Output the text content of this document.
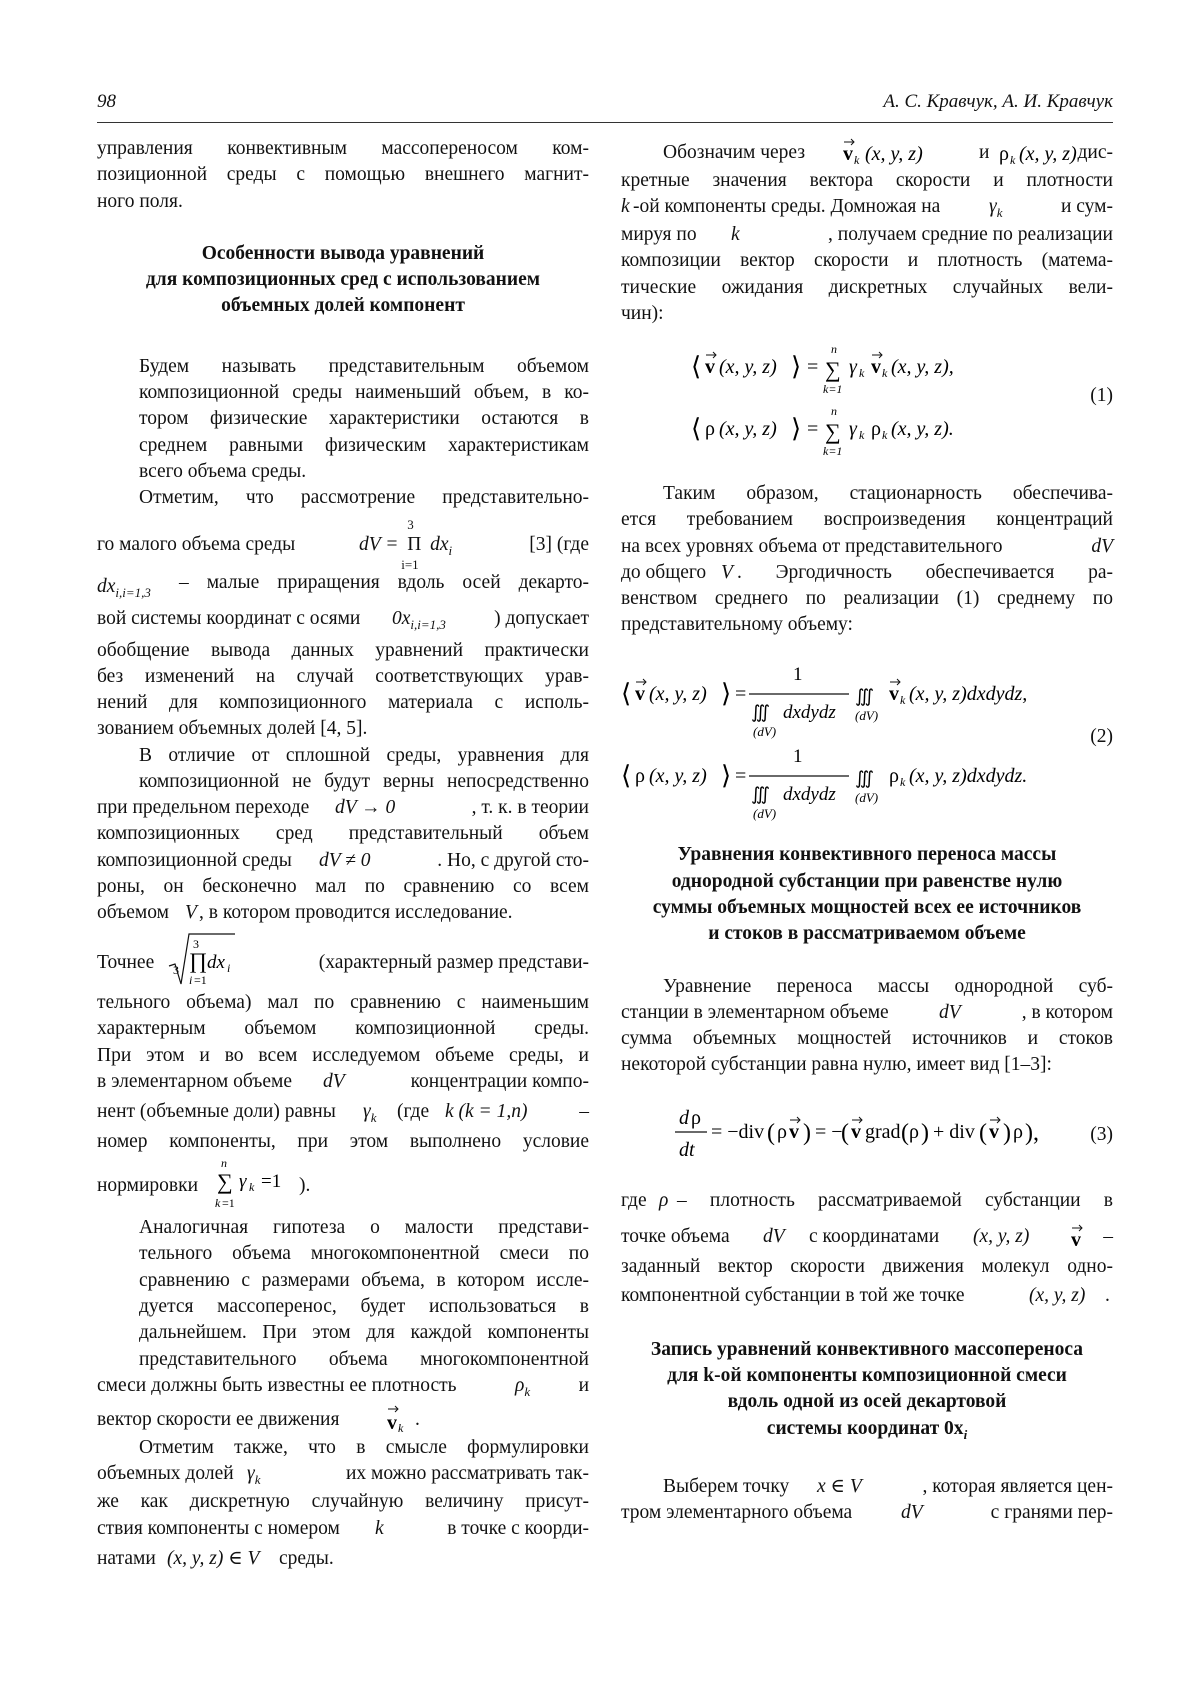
98	А. С. Кравчук, А. И. Кравчук

управления конвективным массопереносом ком-
позиционной среды с помощью внешнего магнит-
ного поля.

Особенности вывода уравнений
для композиционных сред с использованием
объемных долей компонент

Будем называть представительным объемом
композиционной среды наименьший объем, в ко-
тором физические характеристики остаются в
среднем равными физическим характеристикам
всего объема среды.

Отметим, что рассмотрение представительно-

го малого объема среды	dV =
3
Π
i=1
$dx_i$	[3] (где
$dx_{i,i=1,3}$ – малые приращения вдоль осей декарто-
вой системы координат с осями $0x_{i,i=1,3}$ ) допускает

обобщение вывода данных уравнений практически
без изменений на случай соответствующих урав-
нений для композиционного материала с исполь-
зованием объемных долей [4, 5].

В отличие от сплошной среды, уравнения для
композиционной не будут верны непосредственно

при предельном переходе dV → 0	, т. к. в теории

композиционных сред представительный объем

композиционной среды dV ≠ 0	. Но, с другой сто-

роны, он бесконечно мал по сравнению со всем

объемом V , в котором проводится исследование.
Точнее 3
3
∏ dx i
i =1
(характерный размер представи-

тельного объема) мал по сравнению с наименьшим
характерным объемом композиционной среды.
При этом и во всем исследуемом объеме среды, и

в элементарном объеме dV	концентрации компо-
нент (объемные доли) равны $\gamma_k$ (где k (k = 1,n)	–

номер компоненты, при этом выполнено условие

нормировки
n
∑ γ k =1
k =1
).

Аналогичная гипотеза о малости представи-
тельного объема многокомпонентной смеси по
сравнению с размерами объема, в котором иссле-
дуется массоперенос, будет использоваться в
дальнейшем. При этом для каждой компоненты
представительного объема многокомпонентной

смеси должны быть известны ее плотность	$\rho_k$ и
вектор скорости ее движения v k .

Отметим также, что в смысле формулировки

объемных долей $\gamma_k$	их можно рассматривать так-

же как дискретную случайную величину присут-

ствия компоненты с номером k	в точке с коорди-
натами (x, y, z) ∈ V среды.
Обозначим через v k (x, y, z)	и ρ k (x, y, z) дис-

кретные значения вектора скорости и плотности

k -ой компоненты среды. Домножая на $\gamma_k$	и сум-
мируя по k	, получаем средние по реализации

композиции вектор скорости и плотность (матема-
тические ожидания дискретных случайных вели-
чин):

⟨ v (x, y, z) ⟩ =
n
∑
k=1
γ k v k (x, y, z),
⟨ ρ (x, y, z) ⟩ =
n
∑
k=1
γ k ρ k (x, y, z).
(1)

Таким образом, стационарность обеспечива-

ется требованием воспроизведения концентраций

на всех уровнях объема от представительного	dV
до общего V . Эргодичность обеспечивается ра-

венством среднего по реализации (1) среднему по
представительному объему:

⟨ v (x, y, z) ⟩ =
1
∭ dxdydz
(dV)
∭
(dV)
v k (x, y, z)dxdydz,
⟨ ρ (x, y, z) ⟩ =
1
∭ dxdydz
(dV)
∭
(dV)
ρ k (x, y, z)dxdydz.
(2)
Уравнения конвективного переноса массы
однородной субстанции при равенстве нулю
суммы объемных мощностей всех ее источников
и стоков в рассматриваемом объеме

Уравнение переноса массы однородной суб-

станции в элементарном объеме	dV	, в котором

сумма объемных мощностей источников и стоков
некоторой субстанции равна нулю, имеет вид [1–3]:

d ρ
dt
= −div ( ρ v ) = −
( v grad ( ρ ) + div ( v ) ρ ),	(3)
где ρ – плотность рассматриваемой субстанции в
точке объема dV с координатами (x, y, z) v –

заданный вектор скорости движения молекул одно-

компонентной субстанции в той же точке	(x, y, z) .
Запись уравнений конвективного массопереноса
для k-ой компоненты композиционной смеси
вдоль одной из осей декартовой
системы координат $0x_i$
Выберем точку x ∈ V	, которая является цен-
тром элементарного объема	dV	с гранями пер-
